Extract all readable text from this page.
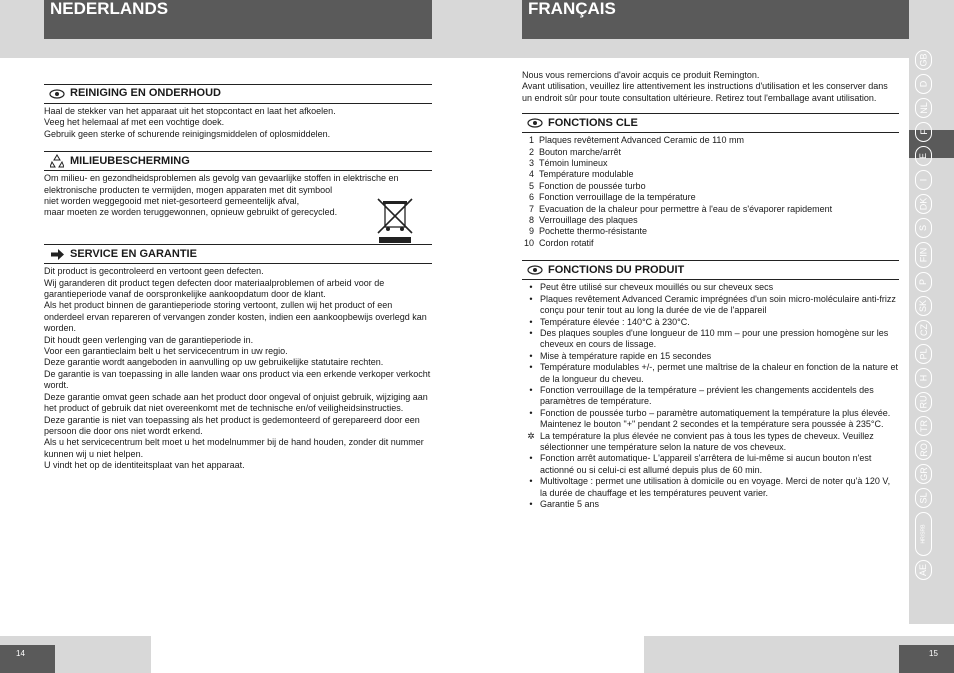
NEDERLANDS	FRANÇAIS
REINIGING EN ONDERHOUD
Haal de stekker van het apparaat uit het stopcontact en laat het afkoelen.
Veeg het helemaal af met een vochtige doek.
Gebruik geen sterke of schurende reinigingsmiddelen of oplosmiddelen.
MILIEUBESCHERMING
Om milieu- en gezondheidsproblemen als gevolg van gevaarlijke stoffen in elektrische en elektronische producten te vermijden, mogen apparaten met dit symbool
niet worden weggegooid met niet-gesorteerd gemeentelijk afval,
maar moeten ze worden teruggewonnen, opnieuw gebruikt of gerecycled.
SERVICE EN GARANTIE
Dit product is gecontroleerd en vertoont geen defecten.
Wij garanderen dit product tegen defecten door materiaalproblemen of arbeid voor de garantieperiode vanaf de oorspronkelijke aankoopdatum door de klant.
Als het product binnen de garantieperiode storing vertoont, zullen wij het product of een onderdeel ervan repareren of vervangen zonder kosten, indien een aankoopbewijs overlegd kan worden.
Dit houdt geen verlenging van de garantieperiode in.
Voor een garantieclaim belt u het servicecentrum in uw regio.
Deze garantie wordt aangeboden in aanvulling op uw gebruikelijke statutaire rechten.
De garantie is van toepassing in alle landen waar ons product via een erkende verkoper verkocht wordt.
Deze garantie omvat geen schade aan het product door ongeval of onjuist gebruik, wijziging aan het product of gebruik dat niet overeenkomt met de technische en/of veiligheidsinstructies.
Deze garantie is niet van toepassing als het product is gedemonteerd of gerepareerd door een persoon die door ons niet wordt erkend.
Als u het servicecentrum belt moet u het modelnummer bij de hand houden, zonder dit nummer kunnen wij u niet helpen.
U vindt het op de identiteitsplaat van het apparaat.
Nous vous remercions d'avoir acquis ce produit Remington.
Avant utilisation, veuillez lire attentivement les instructions d'utilisation et les conserver dans un endroit sûr pour toute consultation ultérieure. Retirez tout l'emballage avant utilisation.
FONCTIONS CLE
1 Plaques revêtement Advanced Ceramic de 110 mm
2 Bouton marche/arrêt
3 Témoin lumineux
4 Température modulable
5 Fonction de poussée turbo
6 Fonction verrouillage de la température
7 Evacuation de la chaleur pour permettre à l'eau de s'évaporer rapidement
8 Verrouillage des plaques
9 Pochette thermo-résistante
10 Cordon rotatif
FONCTIONS DU PRODUIT
• Peut être utilisé sur cheveux mouillés ou sur cheveux secs
• Plaques revêtement Advanced Ceramic imprégnées d'un soin micro-moléculaire anti-frizz conçu pour tenir tout au long la durée de vie de l'appareil
• Température élevée : 140°C à 230°C.
• Des plaques souples d'une longueur de 110 mm – pour une pression homogène sur les cheveux en cours de lissage.
• Mise à température rapide en 15 secondes
• Température modulables +/-, permet une maîtrise de la chaleur en fonction de la nature et de la longueur du cheveu.
• Fonction verrouillage de la température – prévient les changements accidentels des paramètres de température.
• Fonction de poussée turbo – paramètre automatiquement la température la plus élevée. Maintenez le bouton "+" pendant 2 secondes et la température sera poussée à 235°C.
✲ La température la plus élevée ne convient pas à tous les types de cheveux. Veuillez sélectionner une température selon la nature de vos cheveux.
• Fonction arrêt automatique- L'appareil s'arrêtera de lui-même si aucun bouton n'est actionné ou si celui-ci est allumé depuis plus de 60 min.
• Multivoltage : permet une utilisation à domicile ou en voyage. Merci de noter qu'à 120 V, la durée de chauffage et les températures peuvent varier.
• Garantie 5 ans
GB
D
NL
F
E
I
DK
S
FIN
P
SK
CZ
PL
H
RU
TR
RO
GR
SL
HR/SRB
AE
14	15
